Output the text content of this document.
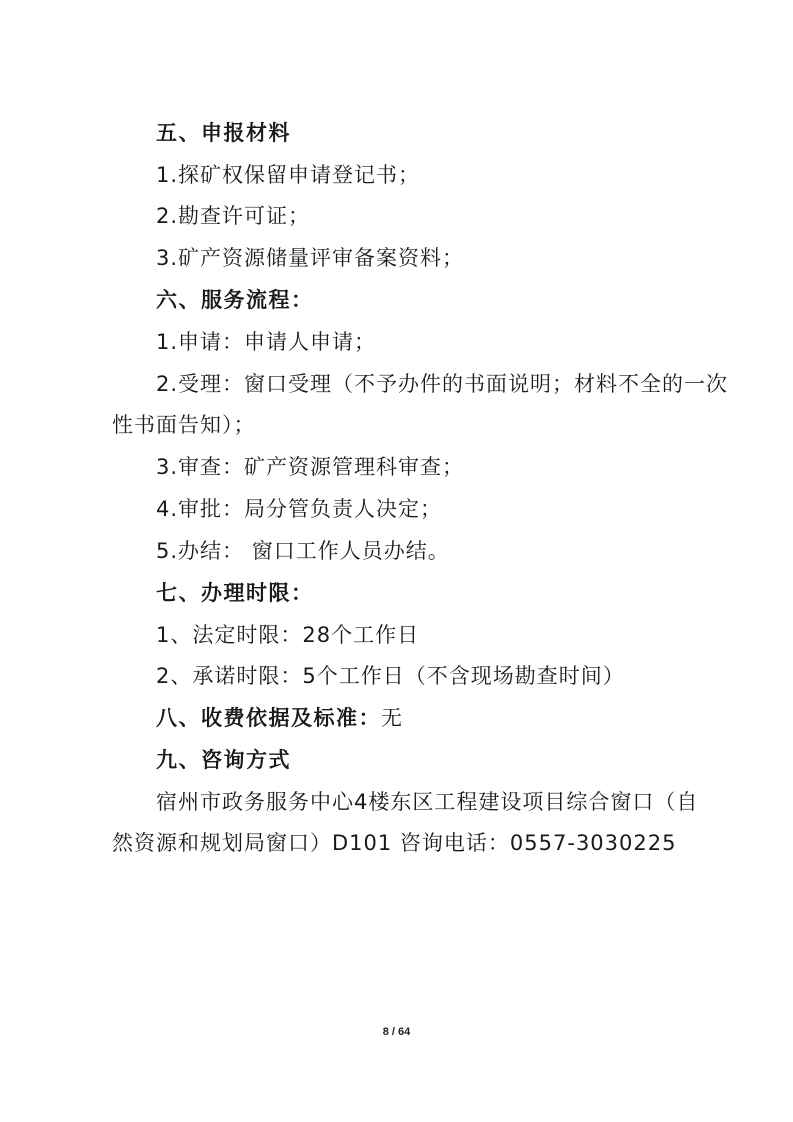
五、申报材料
1.探矿权保留申请登记书；
2.勘查许可证；
3.矿产资源储量评审备案资料；
六、服务流程：
1.申请：申请人申请；
2.受理：窗口受理（不予办件的书面说明；材料不全的一次
性书面告知）；
3.审查：矿产资源管理科审查；
4.审批：局分管负责人决定；
5.办结： 窗口工作人员办结。
七、办理时限：
1、法定时限：28个工作日
2、承诺时限：5个工作日（不含现场勘查时间）
八、收费依据及标准：无
九、咨询方式
宿州市政务服务中心4楼东区工程建设项目综合窗口（自
然资源和规划局窗口）D101 咨询电话：0557-3030225
8 / 64
